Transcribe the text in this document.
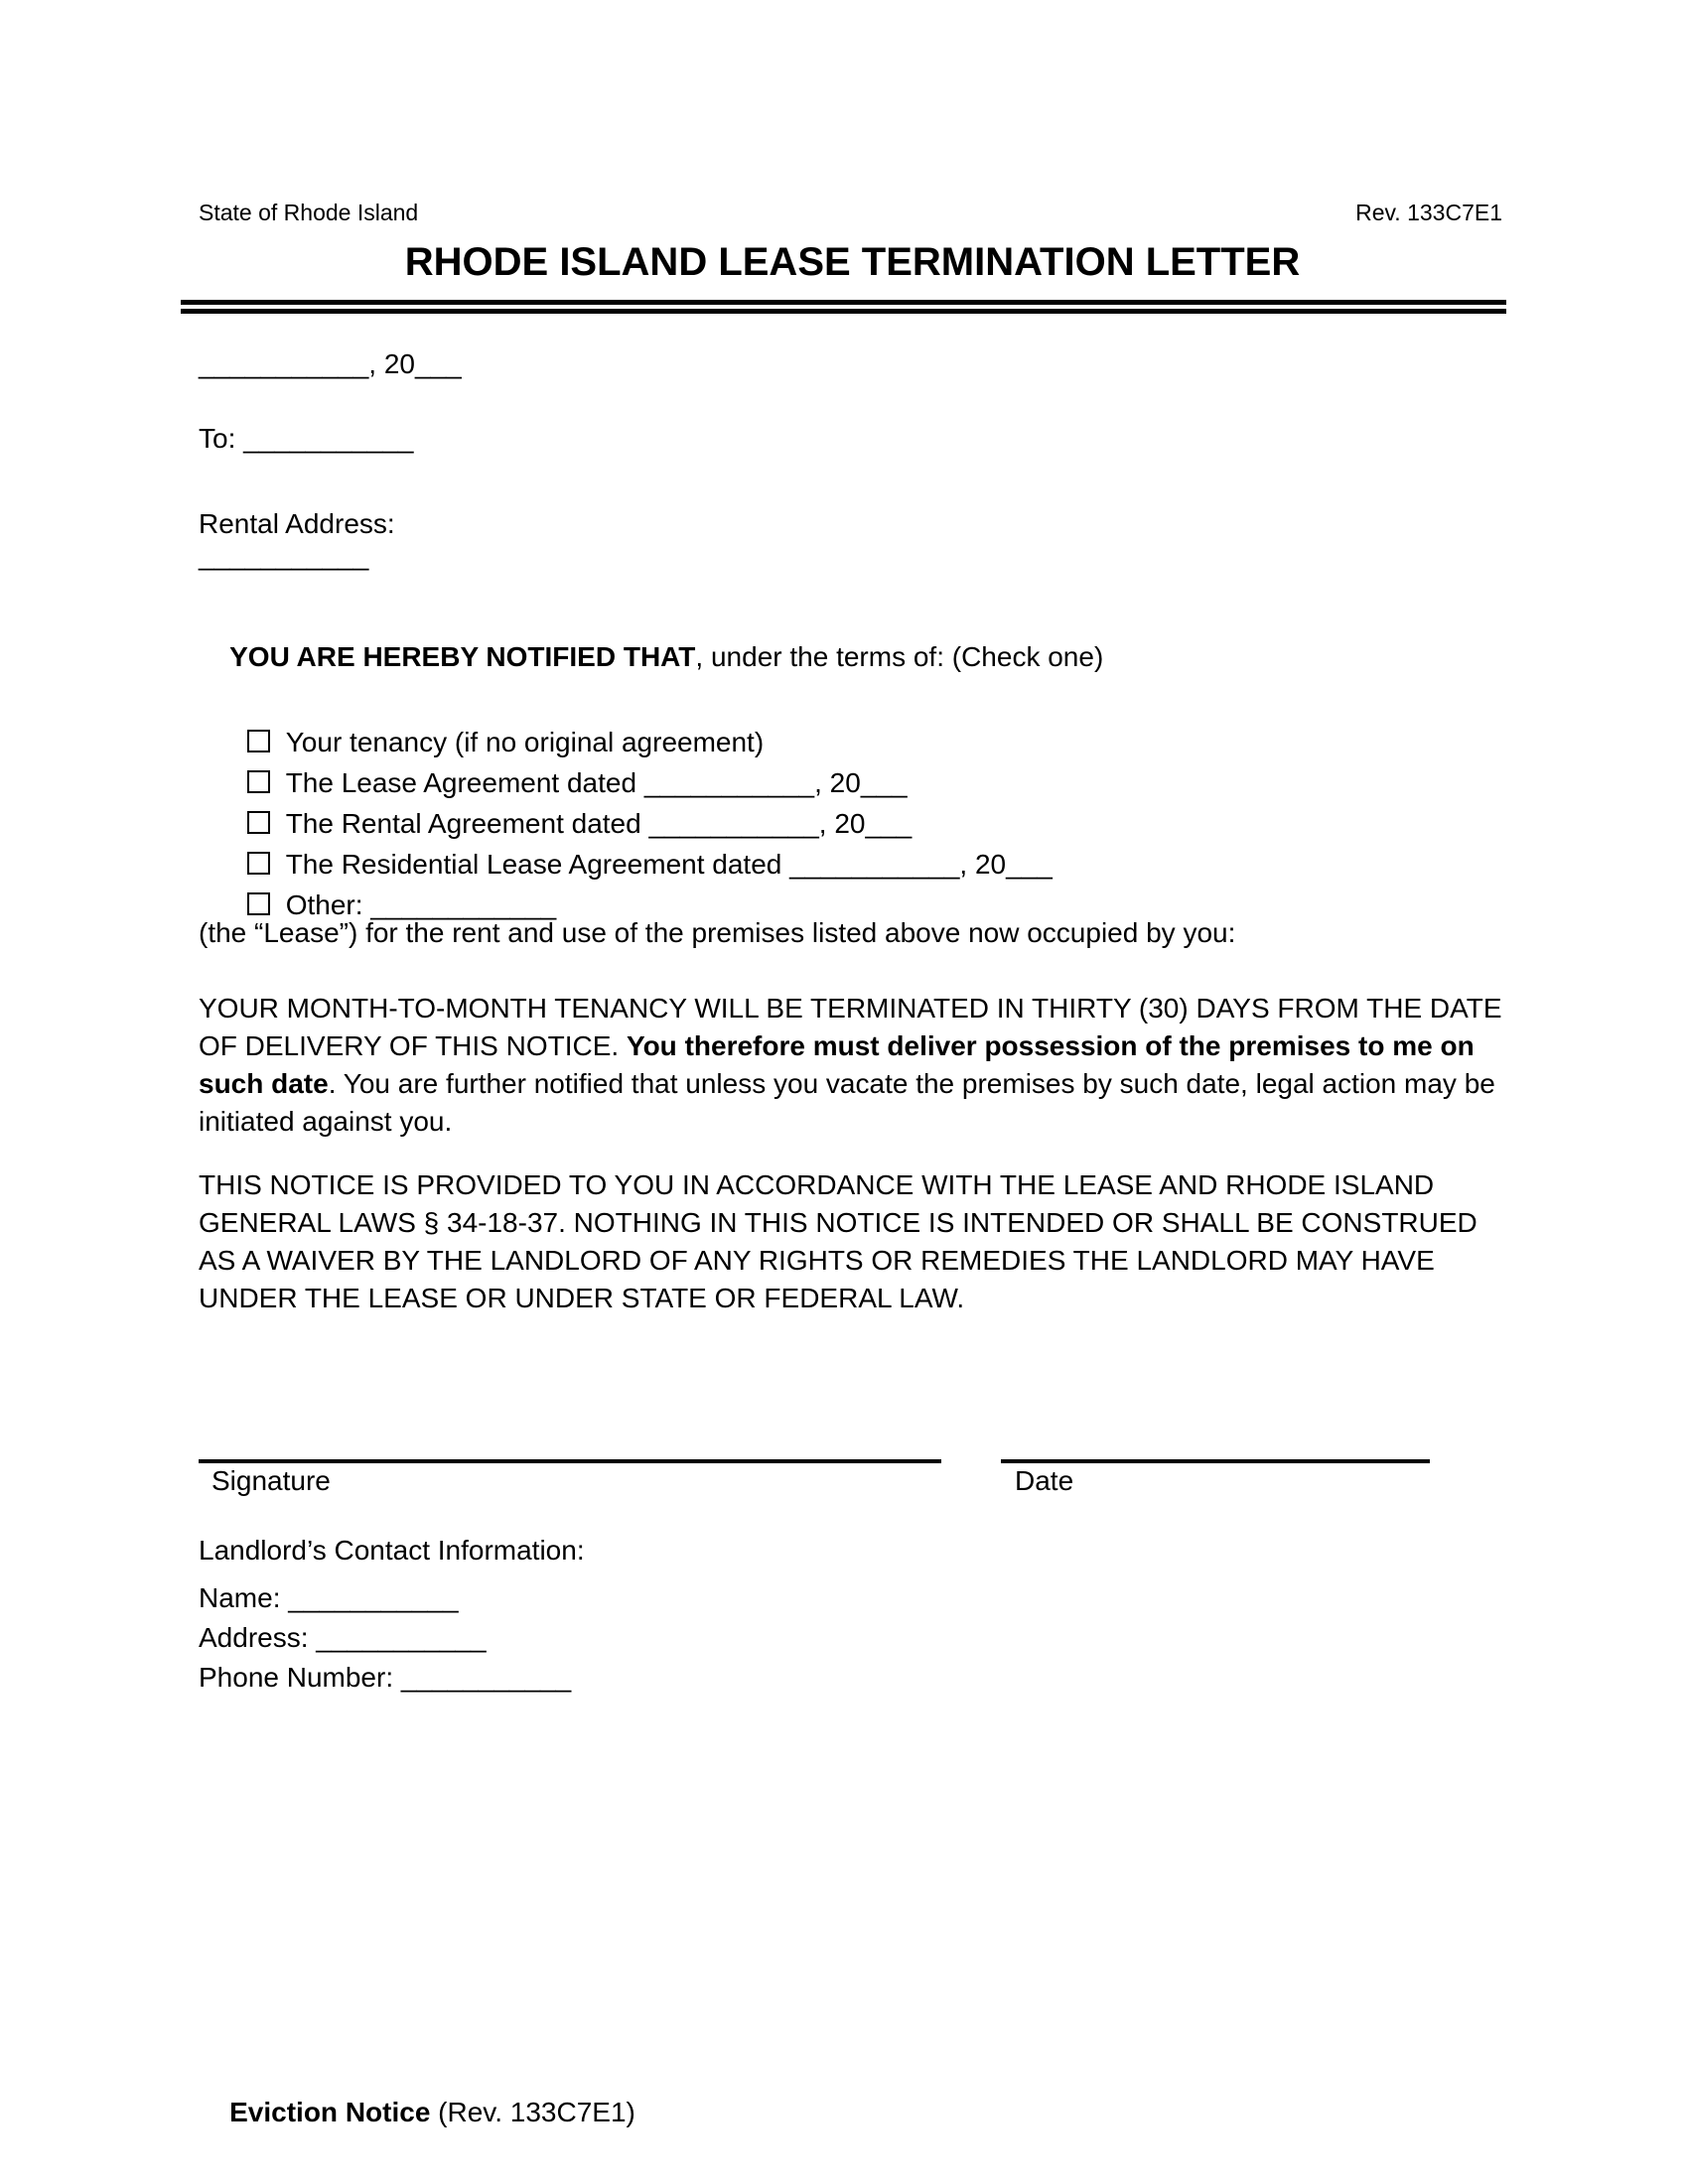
State of Rhode Island	Rev. 133C7E1
RHODE ISLAND LEASE TERMINATION LETTER
___________, 20___
To: ___________
Rental Address:
___________

YOU ARE HEREBY NOTIFIED THAT, under the terms of: (Check one)

Your tenancy (if no original agreement)

The Lease Agreement dated ___________, 20___

The Rental Agreement dated ___________, 20___

The Residential Lease Agreement dated ___________, 20___

Other: ____________

(the “Lease”) for the rent and use of the premises listed above now occupied by you:
YOUR MONTH-TO-MONTH TENANCY WILL BE TERMINATED IN THIRTY (30) DAYS FROM THE DATE OF DELIVERY OF THIS NOTICE. You therefore must deliver possession of the premises to me on such date. You are further notified that unless you vacate the premises by such date, legal action may be initiated against you.
THIS NOTICE IS PROVIDED TO YOU IN ACCORDANCE WITH THE LEASE AND RHODE ISLAND GENERAL LAWS § 34-18-37. NOTHING IN THIS NOTICE IS INTENDED OR SHALL BE CONSTRUED AS A WAIVER BY THE LANDLORD OF ANY RIGHTS OR REMEDIES THE LANDLORD MAY HAVE UNDER THE LEASE OR UNDER STATE OR FEDERAL LAW.
Signature	Date
Landlord’s Contact Information:
Name: ___________
Address: ___________
Phone Number: ___________

Eviction Notice (Rev. 133C7E1)
